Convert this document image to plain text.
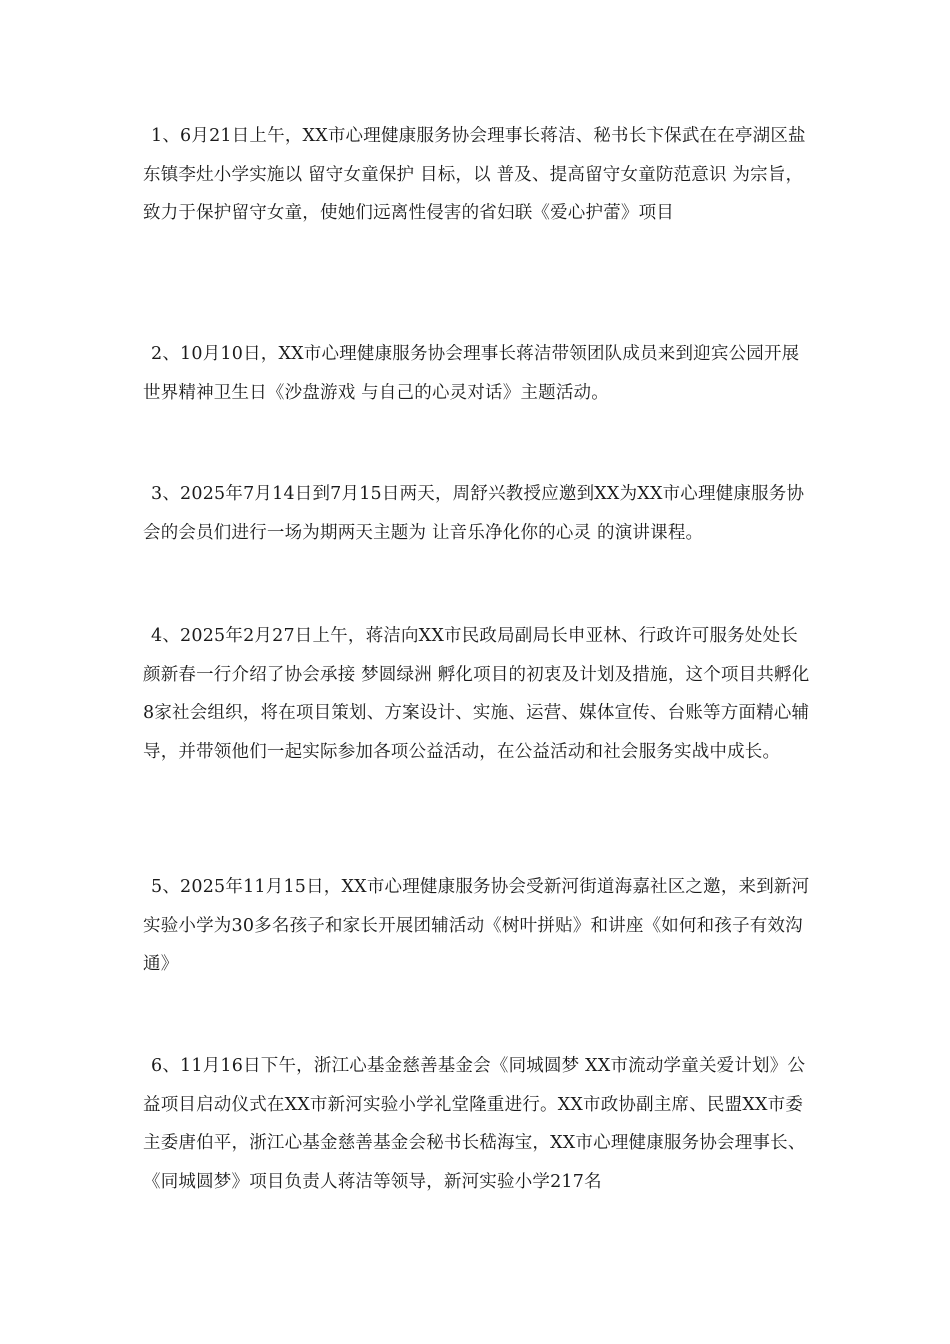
1、6月21日上午，XX市心理健康服务协会理事长蒋洁、秘书长卞保武在在亭湖区盐东镇李灶小学实施以 留守女童保护 目标，以 普及、提高留守女童防范意识 为宗旨，致力于保护留守女童，使她们远离性侵害的省妇联《爱心护蕾》项目

2、10月10日，XX市心理健康服务协会理事长蒋洁带领团队成员来到迎宾公园开展世界精神卫生日《沙盘游戏 与自己的心灵对话》主题活动。

3、2025年7月14日到7月15日两天，周舒兴教授应邀到XX为XX市心理健康服务协会的会员们进行一场为期两天主题为 让音乐净化你的心灵 的演讲课程。

4、2025年2月27日上午，蒋洁向XX市民政局副局长申亚林、行政许可服务处处长颜新春一行介绍了协会承接 梦圆绿洲 孵化项目的初衷及计划及措施，这个项目共孵化8家社会组织，将在项目策划、方案设计、实施、运营、媒体宣传、台账等方面精心辅导，并带领他们一起实际参加各项公益活动，在公益活动和社会服务实战中成长。

5、2025年11月15日，XX市心理健康服务协会受新河街道海嘉社区之邀，来到新河实验小学为30多名孩子和家长开展团辅活动《树叶拼贴》和讲座《如何和孩子有效沟通》

6、11月16日下午，浙江心基金慈善基金会《同城圆梦 XX市流动学童关爱计划》公益项目启动仪式在XX市新河实验小学礼堂隆重进行。XX市政协副主席、民盟XX市委主委唐伯平，浙江心基金慈善基金会秘书长嵇海宝，XX市心理健康服务协会理事长、《同城圆梦》项目负责人蒋洁等领导，新河实验小学217名
